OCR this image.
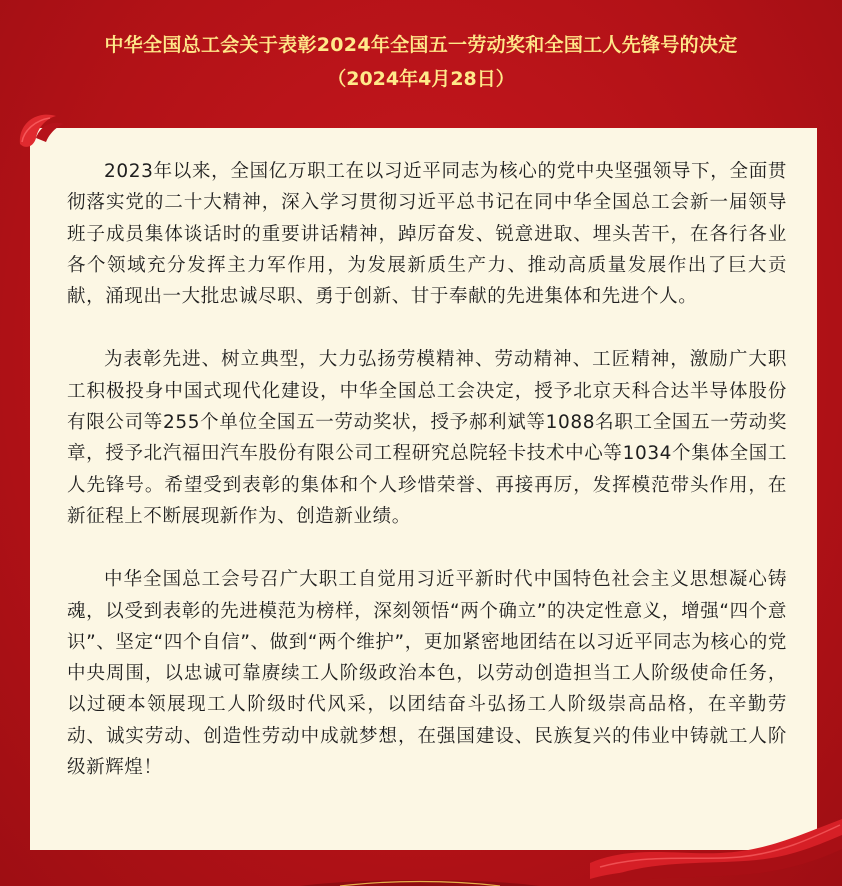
中华全国总工会关于表彰2024年全国五一劳动奖和全国工人先锋号的决定
（2024年4月28日）

2023年以来，全国亿万职工在以习近平同志为核心的党中央坚强领导下，全面贯彻落实党的二十大精神，深入学习贯彻习近平总书记在同中华全国总工会新一届领导班子成员集体谈话时的重要讲话精神，踔厉奋发、锐意进取、埋头苦干，在各行各业各个领域充分发挥主力军作用，为发展新质生产力、推动高质量发展作出了巨大贡献，涌现出一大批忠诚尽职、勇于创新、甘于奉献的先进集体和先进个人。

为表彰先进、树立典型，大力弘扬劳模精神、劳动精神、工匠精神，激励广大职工积极投身中国式现代化建设，中华全国总工会决定，授予北京天科合达半导体股份有限公司等255个单位全国五一劳动奖状，授予郝利斌等1088名职工全国五一劳动奖章，授予北汽福田汽车股份有限公司工程研究总院轻卡技术中心等1034个集体全国工人先锋号。希望受到表彰的集体和个人珍惜荣誉、再接再厉，发挥模范带头作用，在新征程上不断展现新作为、创造新业绩。

中华全国总工会号召广大职工自觉用习近平新时代中国特色社会主义思想凝心铸魂，以受到表彰的先进模范为榜样，深刻领悟“两个确立”的决定性意义，增强“四个意识”、坚定“四个自信”、做到“两个维护”，更加紧密地团结在以习近平同志为核心的党中央周围，以忠诚可靠赓续工人阶级政治本色，以劳动创造担当工人阶级使命任务，以过硬本领展现工人阶级时代风采，以团结奋斗弘扬工人阶级崇高品格，在辛勤劳动、诚实劳动、创造性劳动中成就梦想，在强国建设、民族复兴的伟业中铸就工人阶级新辉煌！
